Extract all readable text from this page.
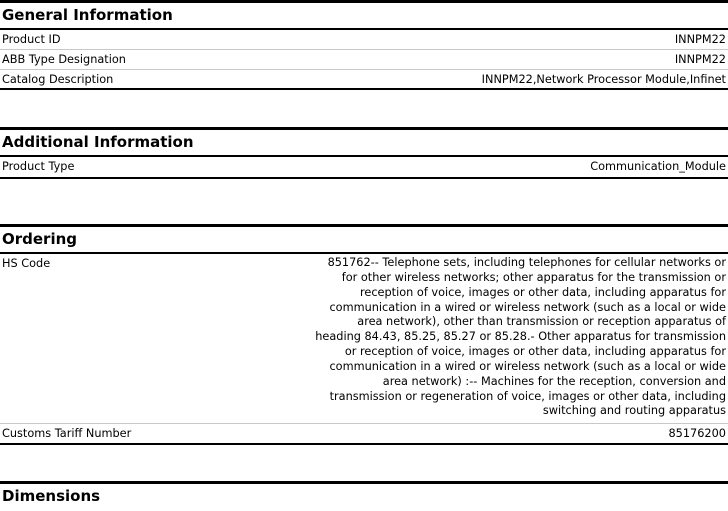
General Information
Product ID	INNPM22
ABB Type Designation	INNPM22
Catalog Description	INNPM22,Network Processor Module,Infinet
Additional Information
Product Type	Communication_Module
Ordering
HS Code	851762-- Telephone sets, including telephones for cellular networks or for other wireless networks; other apparatus for the transmission or reception of voice, images or other data, including apparatus for communication in a wired or wireless network (such as a local or wide area network), other than transmission or reception apparatus of heading 84.43, 85.25, 85.27 or 85.28.- Other apparatus for transmission or reception of voice, images or other data, including apparatus for communication in a wired or wireless network (such as a local or wide area network) :-- Machines for the reception, conversion and transmission or regeneration of voice, images or other data, including switching and routing apparatus
Customs Tariff Number	85176200
Dimensions
